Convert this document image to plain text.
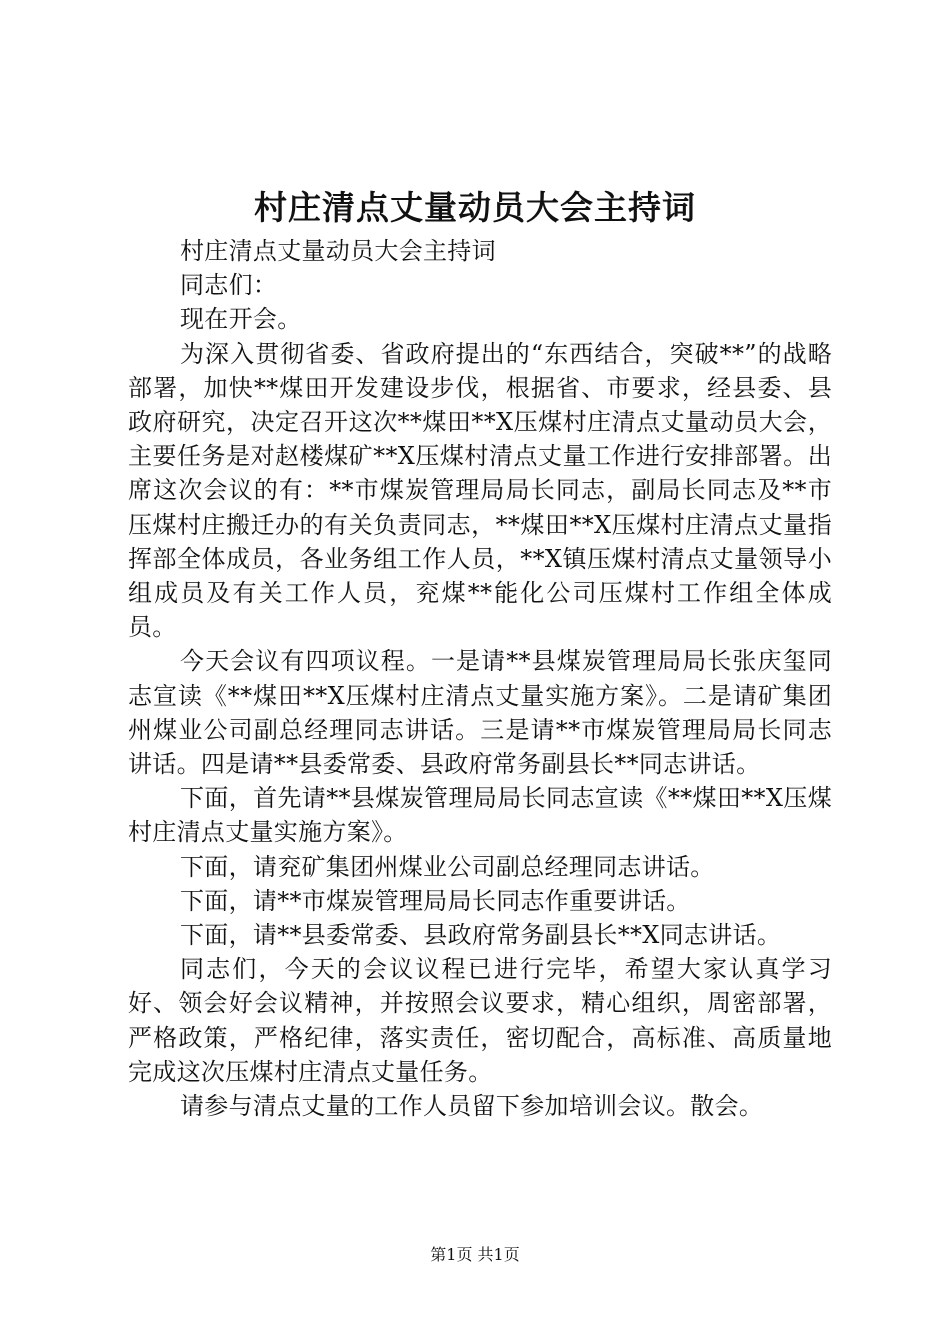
村庄清点丈量动员大会主持词

村庄清点丈量动员大会主持词

同志们：

现在开会。

为深入贯彻省委、省政府提出的“东西结合，突破**”的战略部署，加快**煤田开发建设步伐，根据省、市要求，经县委、县政府研究，决定召开这次**煤田**X压煤村庄清点丈量动员大会，主要任务是对赵楼煤矿**X压煤村清点丈量工作进行安排部署。出席这次会议的有：**市煤炭管理局局长同志，副局长同志及**市压煤村庄搬迁办的有关负责同志，**煤田**X压煤村庄清点丈量指挥部全体成员，各业务组工作人员，**X镇压煤村清点丈量领导小组成员及有关工作人员，兖煤**能化公司压煤村工作组全体成员。

今天会议有四项议程。一是请**县煤炭管理局局长张庆玺同志宣读《**煤田**X压煤村庄清点丈量实施方案》。二是请矿集团州煤业公司副总经理同志讲话。三是请**市煤炭管理局局长同志讲话。四是请**县委常委、县政府常务副县长**同志讲话。

下面，首先请**县煤炭管理局局长同志宣读《**煤田**X压煤村庄清点丈量实施方案》。

下面，请兖矿集团州煤业公司副总经理同志讲话。

下面，请**市煤炭管理局局长同志作重要讲话。

下面，请**县委常委、县政府常务副县长**X同志讲话。

同志们，今天的会议议程已进行完毕，希望大家认真学习好、领会好会议精神，并按照会议要求，精心组织，周密部署，严格政策，严格纪律，落实责任，密切配合，高标准、高质量地完成这次压煤村庄清点丈量任务。

请参与清点丈量的工作人员留下参加培训会议。散会。

第1页 共1页
